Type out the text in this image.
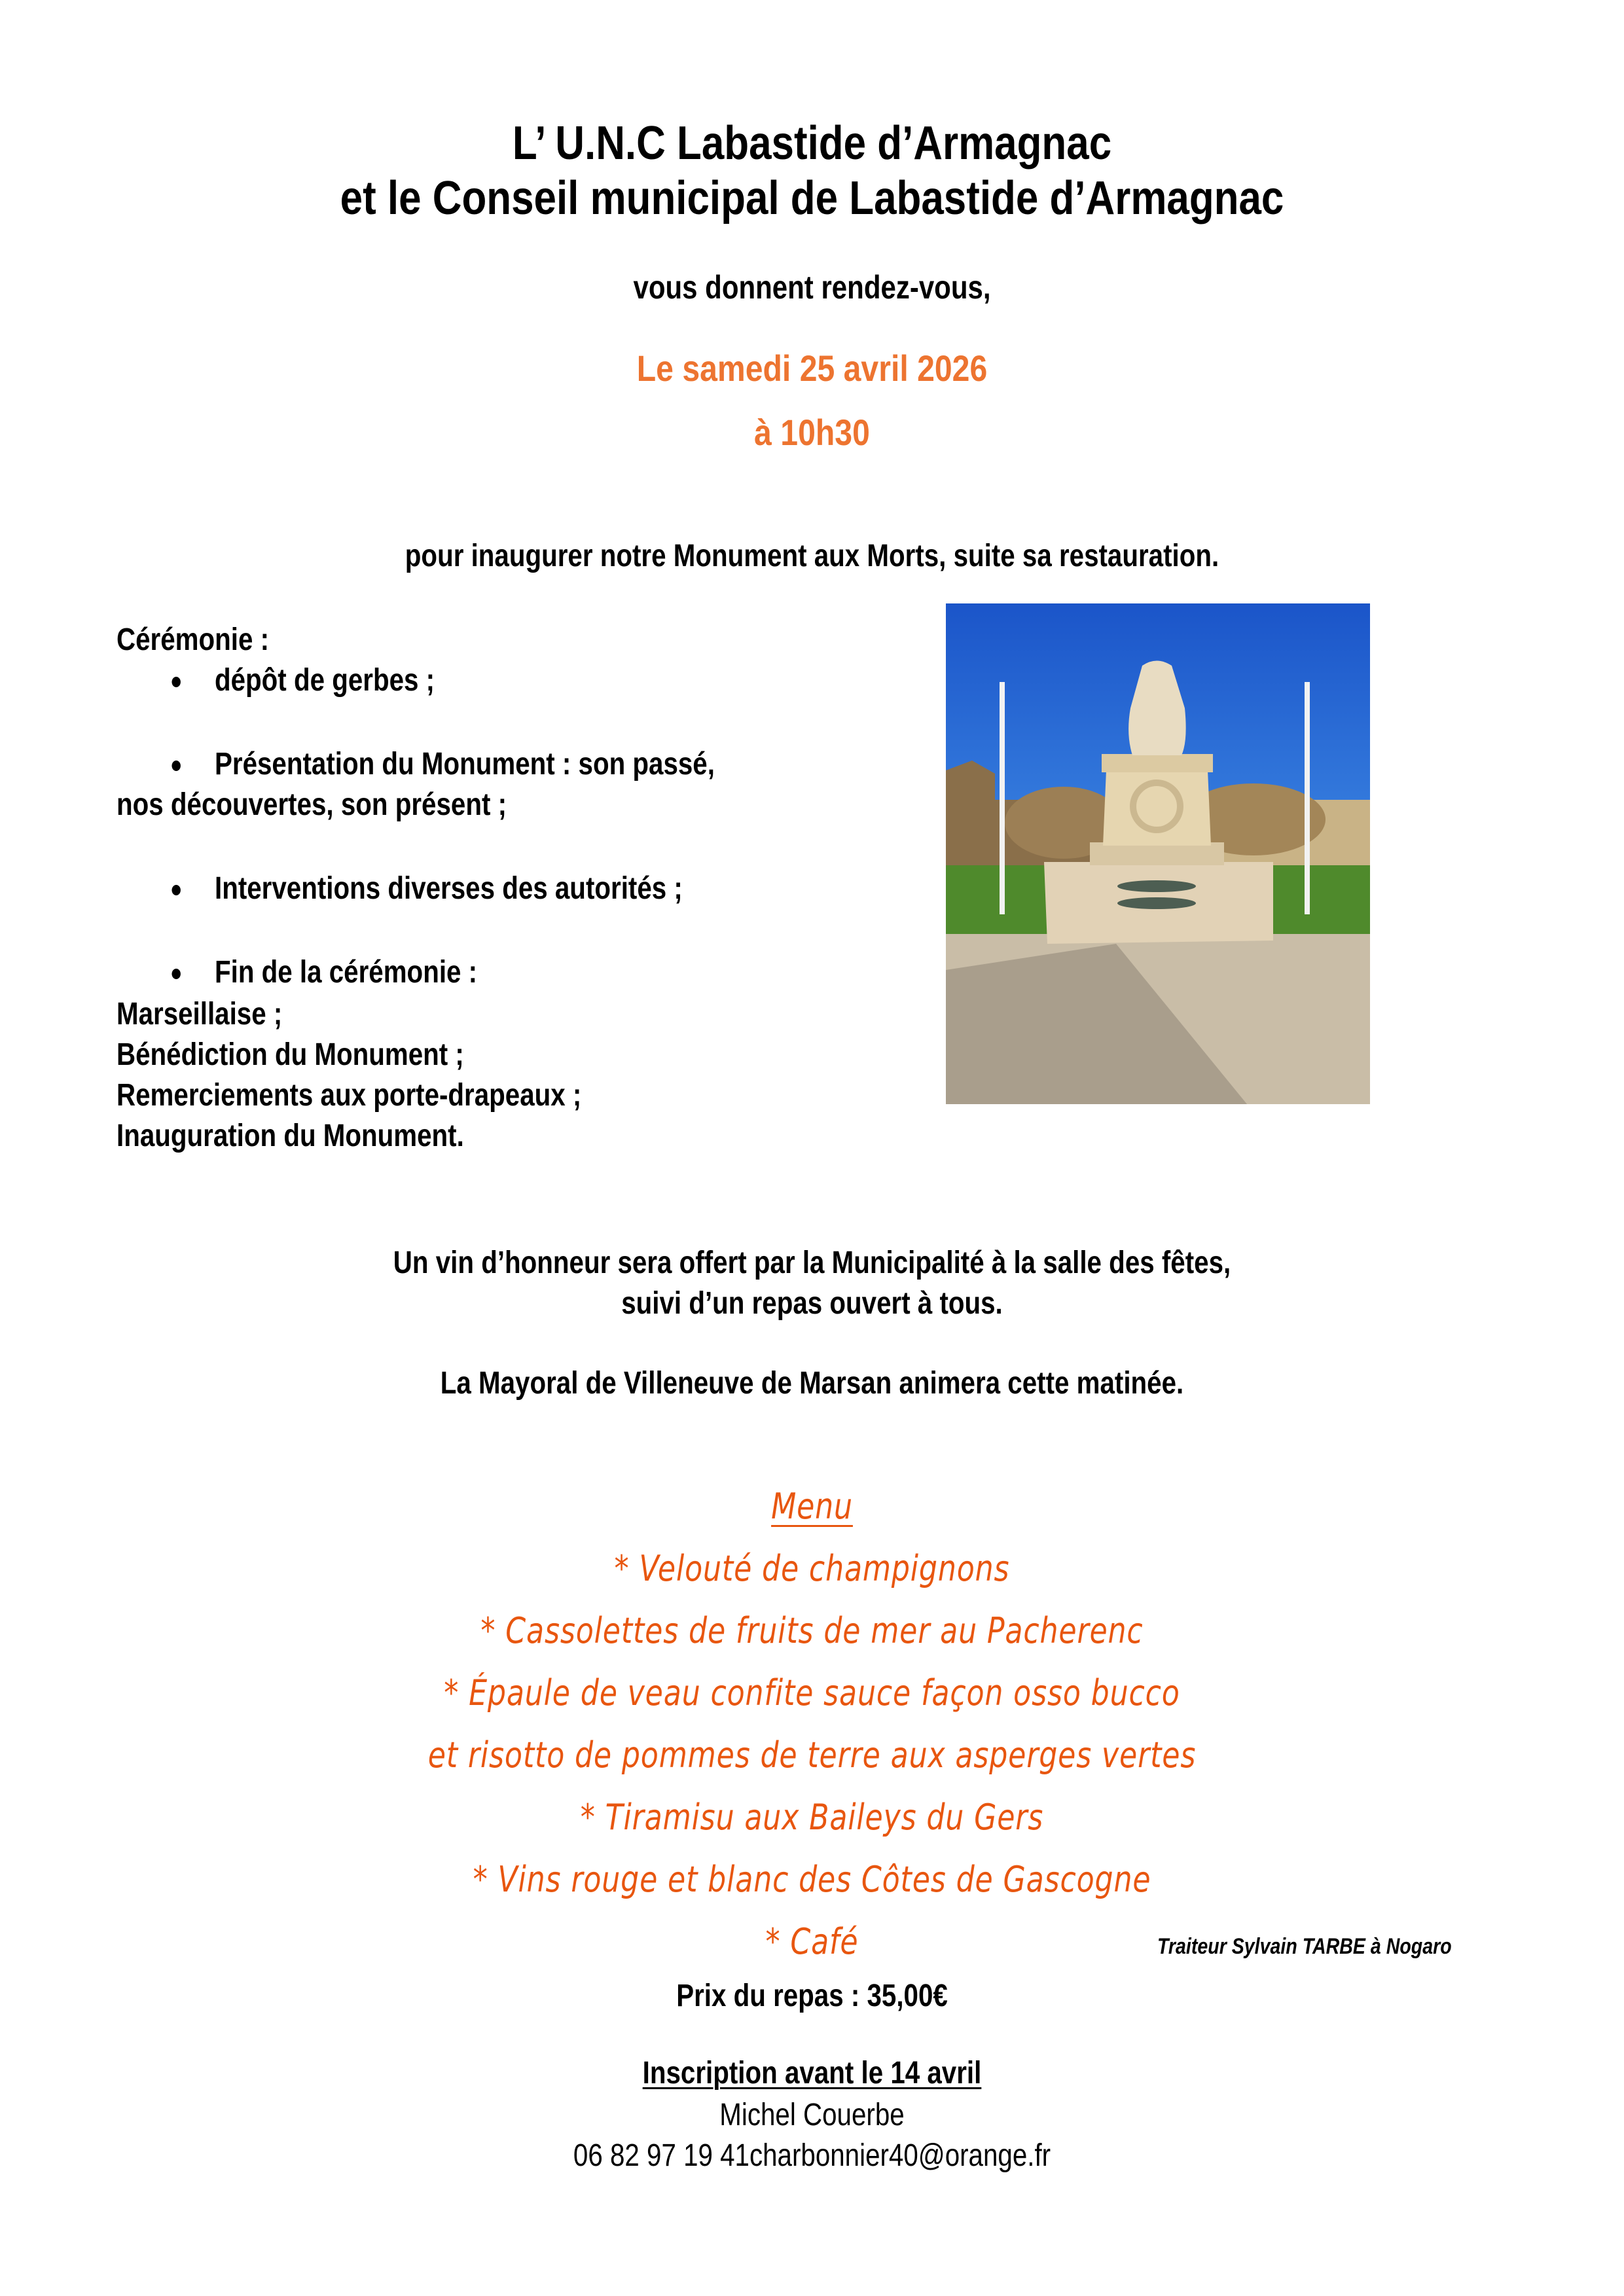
L’ U.N.C Labastide d’Armagnac
et le Conseil municipal de Labastide d’Armagnac
vous donnent rendez-vous,
Le samedi 25 avril 2026
à 10h30
pour inaugurer notre Monument aux Morts, suite sa restauration.
Cérémonie :
dépôt de gerbes ;
Présentation du Monument : son passé,
nos découvertes, son présent ;
Interventions diverses des autorités ;
Fin de la cérémonie :
Marseillaise ;
Bénédiction du Monument ;
Remerciements aux porte-drapeaux ;
Inauguration du Monument.
Un vin d’honneur sera offert par la Municipalité à la salle des fêtes,
suivi d’un repas ouvert à tous.
La Mayoral de Villeneuve de Marsan animera cette matinée.
Menu
* Velouté de champignons
* Cassolettes de fruits de mer au Pacherenc
* Épaule de veau confite sauce façon osso bucco
et risotto de pommes de terre aux asperges vertes
* Tiramisu aux Baileys du Gers
* Vins rouge et blanc des Côtes de Gascogne
* Café	Traiteur Sylvain TARBE à Nogaro
Prix du repas : 35,00€
Inscription avant le 14 avril
Michel Couerbe
06 82 97 19 41charbonnier40@orange.fr
